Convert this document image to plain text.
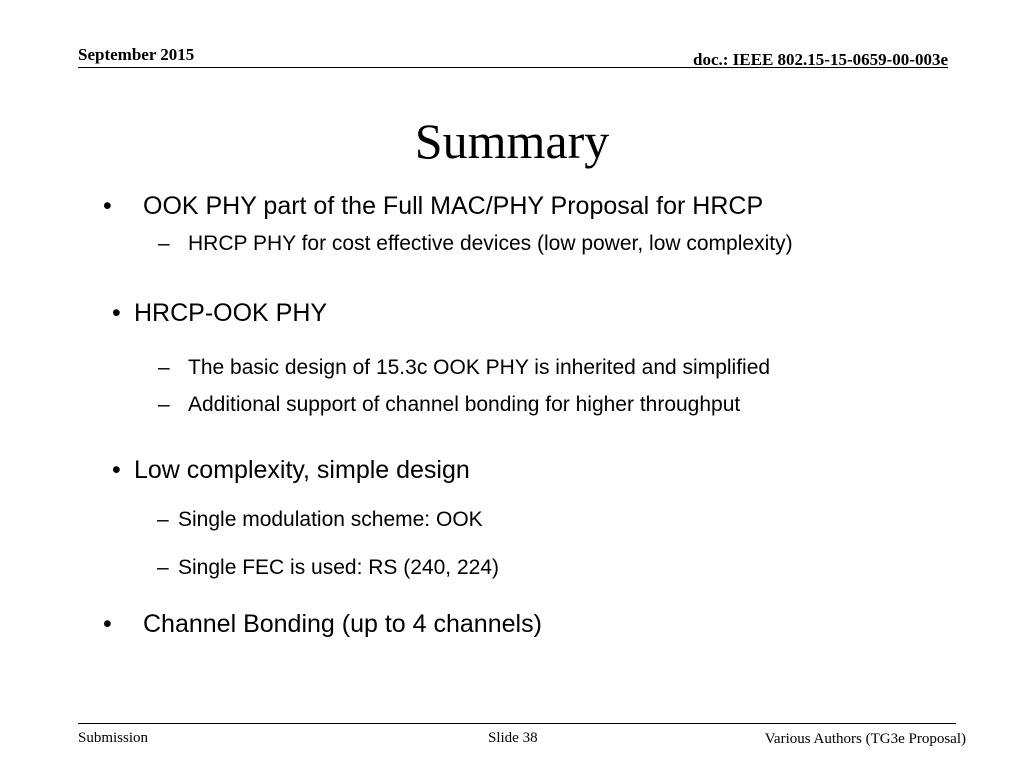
September 2015	doc.: IEEE 802.15-15-0659-00-003e
Summary
• OOK PHY part of the Full MAC/PHY Proposal for HRCP
– HRCP PHY for cost effective devices (low power, low complexity)
• HRCP-OOK PHY
– The basic design of 15.3c OOK PHY is inherited and simplified
– Additional support of channel bonding for higher throughput
• Low complexity, simple design
– Single modulation scheme: OOK
– Single FEC is used: RS (240, 224)
• Channel Bonding (up to 4 channels)
Submission	Slide 38	Various Authors (TG3e Proposal)
